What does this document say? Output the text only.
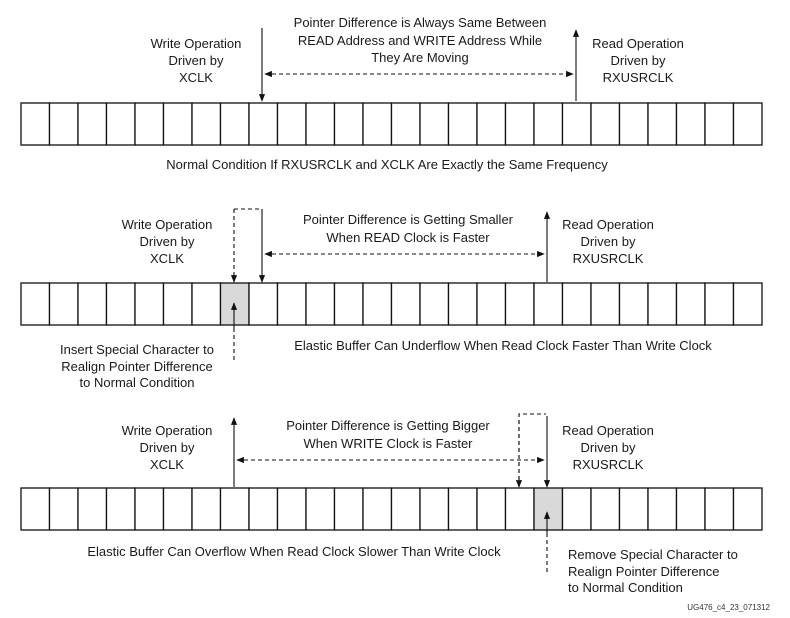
Write Operation
Driven by
XCLK
Pointer Difference is Always Same Between
READ Address and WRITE Address While
They Are Moving
Read Operation
Driven by
RXUSRCLK
Normal Condition If RXUSRCLK and XCLK Are Exactly the Same Frequency
Write Operation
Driven by
XCLK
Pointer Difference is Getting Smaller
When READ Clock is Faster
Read Operation
Driven by
RXUSRCLK
Insert Special Character to
Realign Pointer Difference
to Normal Condition
Elastic Buffer Can Underflow When Read Clock Faster Than Write Clock
Write Operation
Driven by
XCLK
Pointer Difference is Getting Bigger
When WRITE Clock is Faster
Read Operation
Driven by
RXUSRCLK
Elastic Buffer Can Overflow When Read Clock Slower Than Write Clock	Remove Special Character to
Realign Pointer Difference
to Normal Condition
UG476_c4_23_071312
